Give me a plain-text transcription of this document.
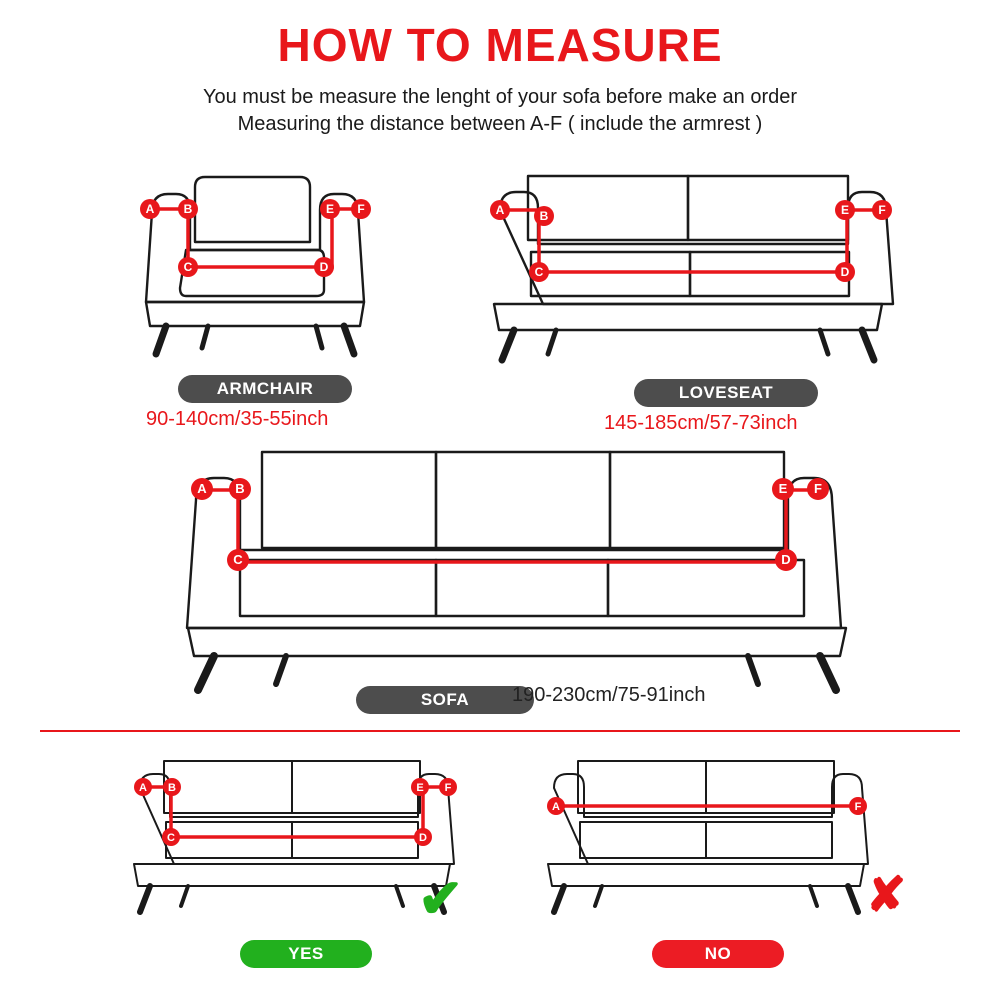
HOW TO MEASURE
You must be measure the lenght of your sofa before make an order
Measuring the distance between A-F ( include the armrest )
A B	E F
C	D
A	B	E F
C	D
A B	E F
C	D
A B	E F
C	D
A	F
ARMCHAIR
90-140cm/35-55inch
LOVESEAT
145-185cm/57-73inch
SOFA	190-230cm/75-91inch
YES
✔
NO
✘
